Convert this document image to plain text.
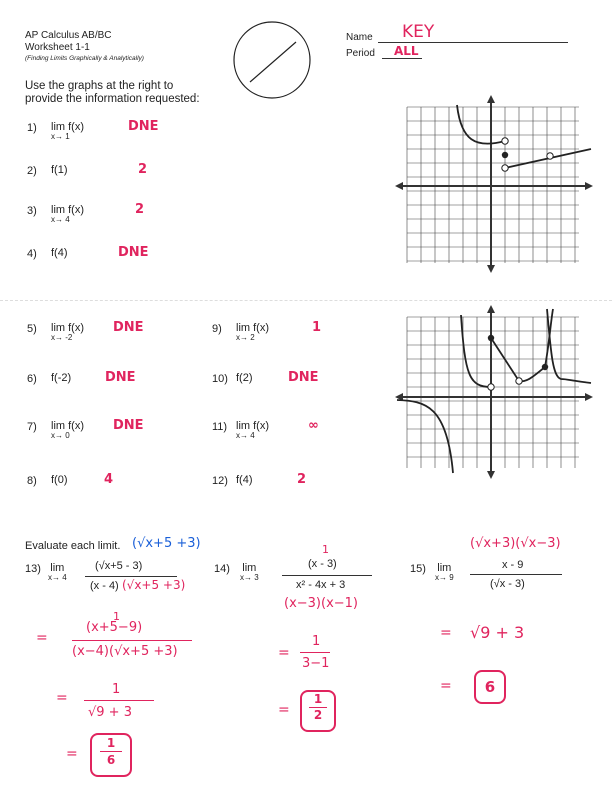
AP Calculus AB/BC
Worksheet 1-1
(Finding Limits Graphically & Analytically)
Name KEY
Period ALL
Use the graphs at the right to
provide the information requested:
1) lim f(x)
x→ 1
DNE
2) f(1)	2
3) lim f(x)
x→ 4
2
4) f(4)	DNE
5) lim f(x)
x→ -2
DNE
6) f(-2)	DNE
7) lim f(x)
x→ 0
DNE
8) f(0)	4
9) lim f(x)
x→ 2
1
10) f(2)	DNE
11) lim f(x)
x→ 4
∞
12) f(4)	2
Evaluate each limit.
13) lim
x→ 4
(√x+5 - 3)
(x - 4) (√x+5 +3)
(√x+5 +3)
=
1
(x+5−9)
(x−4)(√x+5 +3)
=
1
√9 + 3
=
1
6
14) lim
x→ 3
1
(x - 3)
x² - 4x + 3
(x−3)(x−1)
=
1
3−1
=
1
2
(√x+3)(√x−3)
15) lim
x→ 9
x - 9
(√x - 3)
= √9 + 3
=	6
